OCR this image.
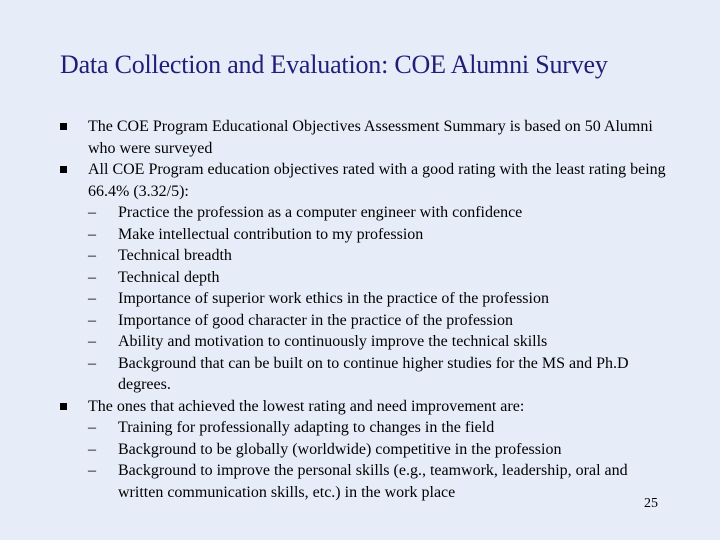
Data Collection and Evaluation: COE Alumni Survey
The COE Program Educational Objectives Assessment Summary is based on 50 Alumni who were surveyed
All COE Program education objectives rated with a good rating with the least rating being 66.4% (3.32/5):
– Practice the profession as a computer engineer with confidence
– Make intellectual contribution to my profession
– Technical breadth
– Technical depth
– Importance of superior work ethics in the practice of the profession
– Importance of good character in the practice of the profession
– Ability and motivation to continuously improve the technical skills
– Background that can be built on to continue higher studies for the MS and Ph.D degrees.
The ones that achieved the lowest rating and need improvement are:
– Training for professionally adapting to changes in the field
– Background to be globally (worldwide) competitive in the profession
– Background to improve the personal skills (e.g., teamwork, leadership, oral and written communication skills, etc.) in the work place
25
